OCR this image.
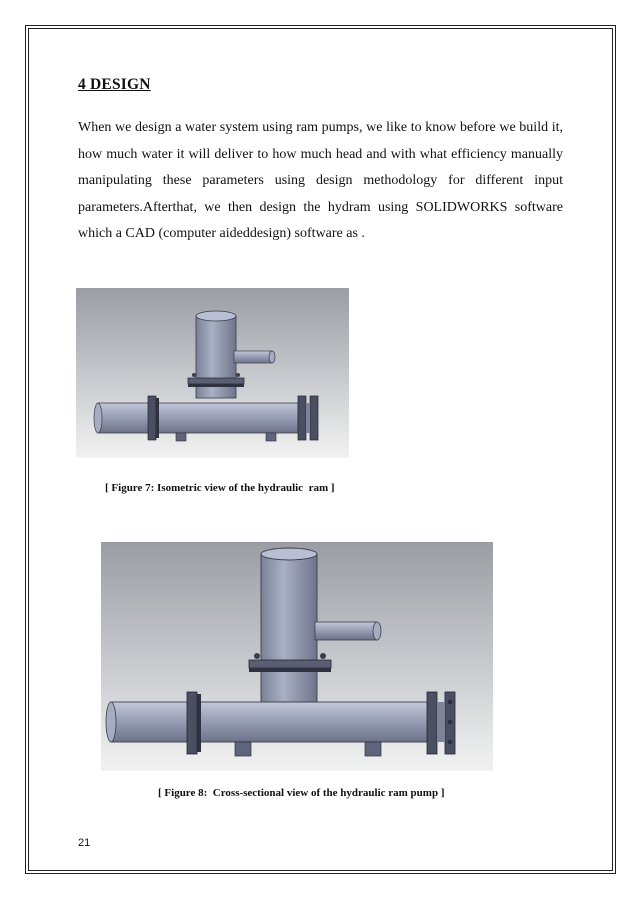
4 DESIGN
When we design a water system using ram pumps, we like to know before we build it, how much water it will deliver to how much head and with what efficiency manually manipulating these parameters using design methodology for different input parameters.Afterthat, we then design the hydram using SOLIDWORKS software which a CAD (computer aideddesign) software as .
[ Figure 7: Isometric view of the hydraulic  ram ]
[ Figure 8:  Cross-sectional view of the hydraulic ram pump ]
21
